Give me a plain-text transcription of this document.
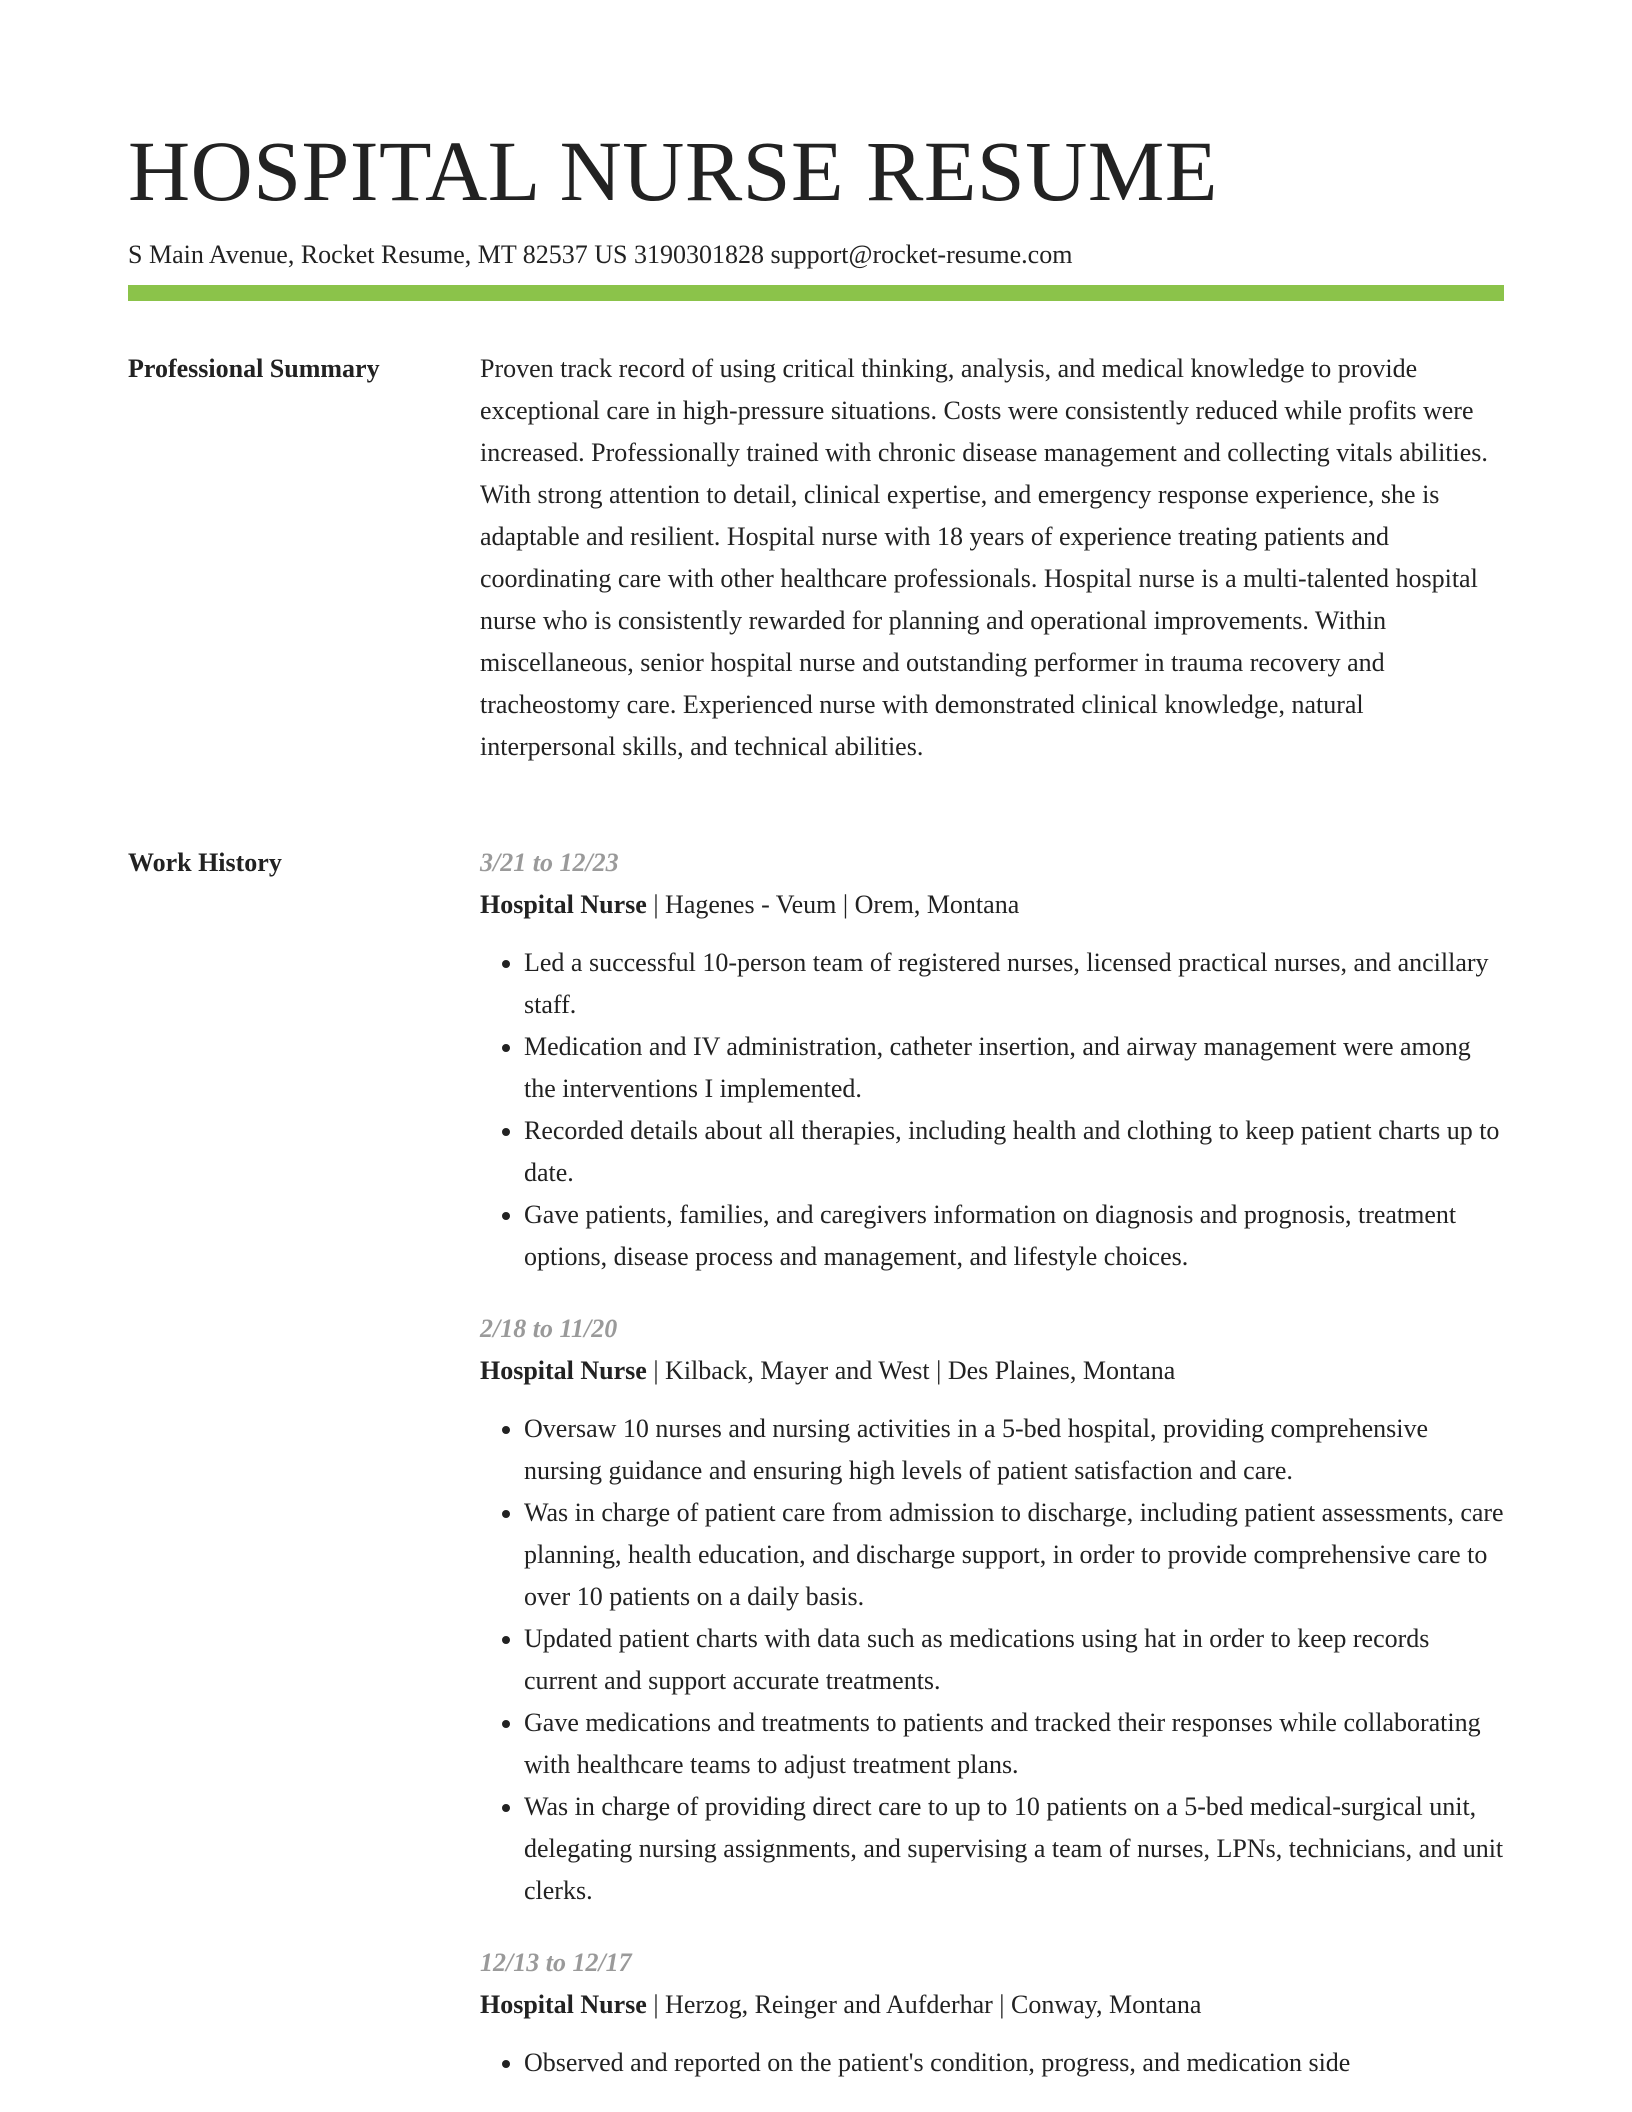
HOSPITAL NURSE RESUME
S Main Avenue, Rocket Resume, MT 82537 US 3190301828 support@rocket-resume.com
Professional Summary	Proven track record of using critical thinking, analysis, and medical knowledge to provide exceptional care in high-pressure situations. Costs were consistently reduced while profits were increased. Professionally trained with chronic disease management and collecting vitals abilities. With strong attention to detail, clinical expertise, and emergency response experience, she is adaptable and resilient. Hospital nurse with 18 years of experience treating patients and coordinating care with other healthcare professionals. Hospital nurse is a multi-talented hospital nurse who is consistently rewarded for planning and operational improvements. Within miscellaneous, senior hospital nurse and outstanding performer in trauma recovery and tracheostomy care. Experienced nurse with demonstrated clinical knowledge, natural interpersonal skills, and technical abilities.

Work History	3/21 to 12/23

Hospital Nurse | Hagenes - Veum | Orem, Montana

• Led a successful 10-person team of registered nurses, licensed practical nurses, and ancillary staff.
• Medication and IV administration, catheter insertion, and airway management were among the interventions I implemented.
• Recorded details about all therapies, including health and clothing to keep patient charts up to date.
• Gave patients, families, and caregivers information on diagnosis and prognosis, treatment options, disease process and management, and lifestyle choices.

2/18 to 11/20

Hospital Nurse | Kilback, Mayer and West | Des Plaines, Montana

• Oversaw 10 nurses and nursing activities in a 5-bed hospital, providing comprehensive nursing guidance and ensuring high levels of patient satisfaction and care.
• Was in charge of patient care from admission to discharge, including patient assessments, care planning, health education, and discharge support, in order to provide comprehensive care to over 10 patients on a daily basis.
• Updated patient charts with data such as medications using hat in order to keep records current and support accurate treatments.
• Gave medications and treatments to patients and tracked their responses while collaborating with healthcare teams to adjust treatment plans.
• Was in charge of providing direct care to up to 10 patients on a 5-bed medical-surgical unit, delegating nursing assignments, and supervising a team of nurses, LPNs, technicians, and unit clerks.

12/13 to 12/17

Hospital Nurse | Herzog, Reinger and Aufderhar | Conway, Montana

• Observed and reported on the patient's condition, progress, and medication side
